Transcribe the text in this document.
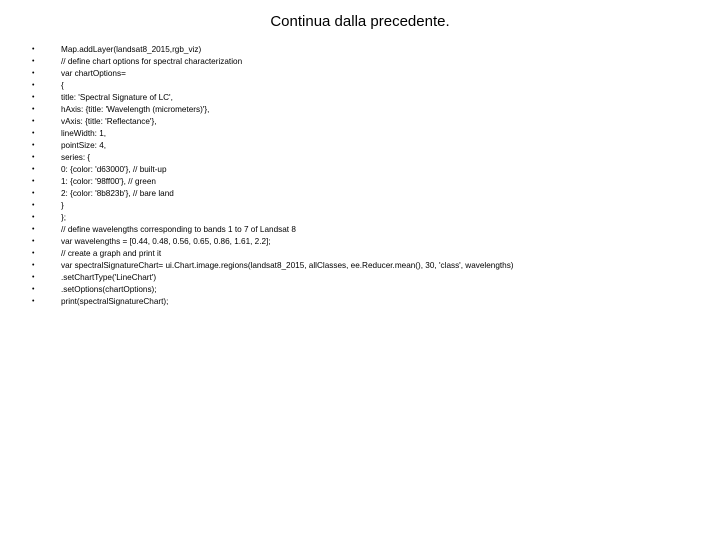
Continua dalla precedente.
•	Map.addLayer(landsat8_2015,rgb_viz)
•	// define chart options for spectral characterization
•	var chartOptions=
•	{
•	title: 'Spectral Signature of LC',
•	hAxis: {title: 'Wavelength (micrometers)'},
•	vAxis: {title: 'Reflectance'},
•	lineWidth: 1,
•	pointSize: 4,
•	series: {
•	0: {color: 'd63000'}, // built-up
•	1: {color: '98ff00'}, // green
•	2: {color: '8b823b'}, // bare land
•	}
•	};
•	// define wavelengths corresponding to bands 1 to 7 of Landsat 8
•	var wavelengths = [0.44, 0.48, 0.56, 0.65, 0.86, 1.61, 2.2];
•	// create a graph and print it
•	var spectralSignatureChart= ui.Chart.image.regions(landsat8_2015, allClasses, ee.Reducer.mean(), 30, 'class', wavelengths)
•	.setChartType('LineChart')
•	.setOptions(chartOptions);
•	print(spectralSignatureChart);
